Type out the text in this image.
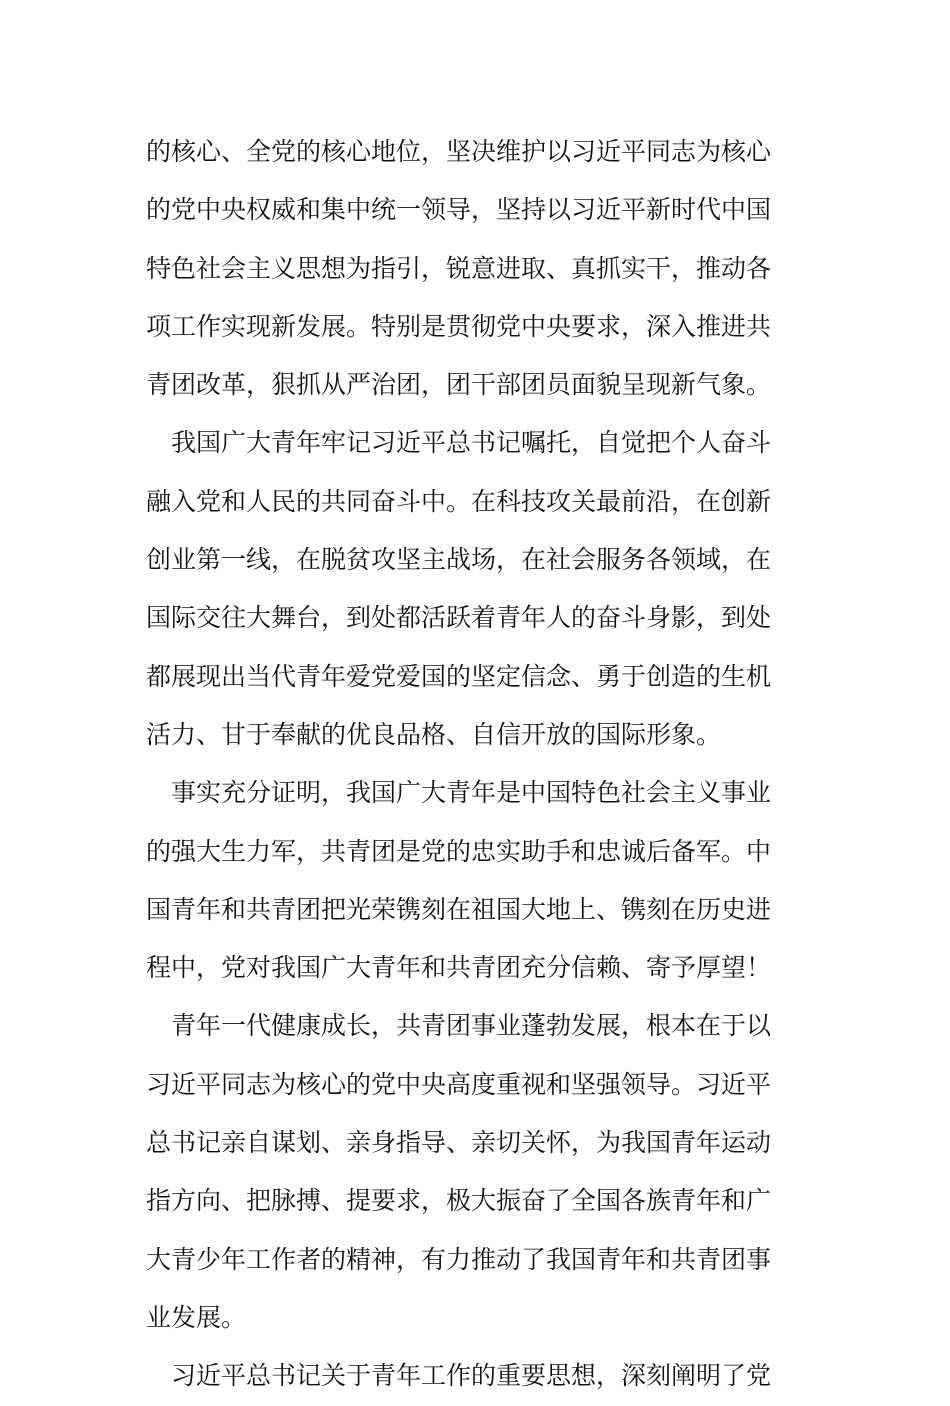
的核心、全党的核心地位，坚决维护以习近平同志为核心
的党中央权威和集中统一领导，坚持以习近平新时代中国
特色社会主义思想为指引，锐意进取、真抓实干，推动各
项工作实现新发展。特别是贯彻党中央要求，深入推进共
青团改革，狠抓从严治团，团干部团员面貌呈现新气象。
　我国广大青年牢记习近平总书记嘱托，自觉把个人奋斗
融入党和人民的共同奋斗中。在科技攻关最前沿，在创新
创业第一线，在脱贫攻坚主战场，在社会服务各领域，在
国际交往大舞台，到处都活跃着青年人的奋斗身影，到处
都展现出当代青年爱党爱国的坚定信念、勇于创造的生机
活力、甘于奉献的优良品格、自信开放的国际形象。
　事实充分证明，我国广大青年是中国特色社会主义事业
的强大生力军，共青团是党的忠实助手和忠诚后备军。中
国青年和共青团把光荣镌刻在祖国大地上、镌刻在历史进
程中，党对我国广大青年和共青团充分信赖、寄予厚望！
　青年一代健康成长，共青团事业蓬勃发展，根本在于以
习近平同志为核心的党中央高度重视和坚强领导。习近平
总书记亲自谋划、亲身指导、亲切关怀，为我国青年运动
指方向、把脉搏、提要求，极大振奋了全国各族青年和广
大青少年工作者的精神，有力推动了我国青年和共青团事
业发展。
　习近平总书记关于青年工作的重要思想，深刻阐明了党
